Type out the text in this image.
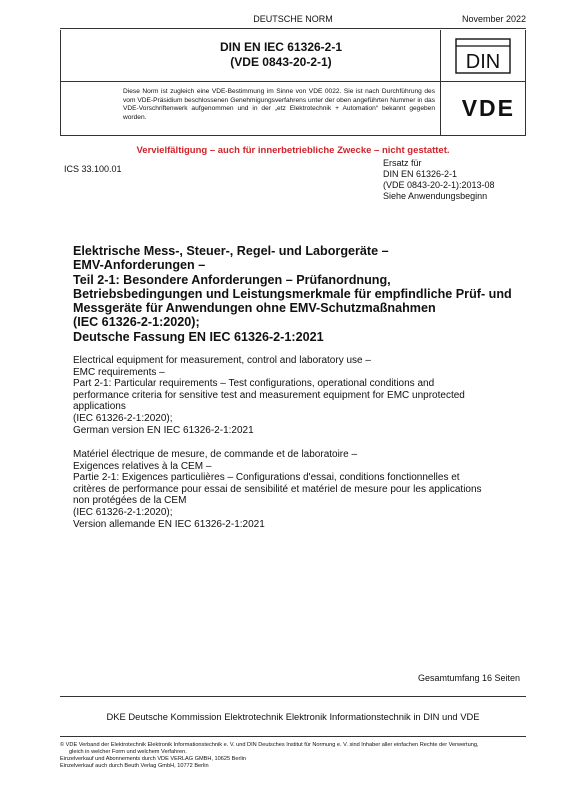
DEUTSCHE NORM	November 2022
DIN EN IEC 61326-2-1
(VDE 0843-20-2-1)	DIN
Diese Norm ist zugleich eine VDE-Bestimmung im Sinne von VDE 0022. Sie ist nach Durchführung des vom VDE-Präsidium beschlossenen Genehmigungsverfahrens unter der oben angeführten Nummer in das VDE-Vorschriftenwerk aufgenommen und in der „etz Elektrotechnik + Automation“ bekannt gegeben worden.	VDE
Vervielfältigung – auch für innerbetriebliche Zwecke – nicht gestattet.
ICS 33.100.01
Ersatz für
DIN EN 61326-2-1
(VDE 0843-20-2-1):2013-08
Siehe Anwendungsbeginn
Elektrische Mess-, Steuer-, Regel- und Laborgeräte –
EMV-Anforderungen –
Teil 2-1: Besondere Anforderungen – Prüfanordnung,
Betriebsbedingungen und Leistungsmerkmale für empfindliche Prüf- und
Messgeräte für Anwendungen ohne EMV-Schutzmaßnahmen
(IEC 61326-2-1:2020);
Deutsche Fassung EN IEC 61326-2-1:2021
Electrical equipment for measurement, control and laboratory use –
EMC requirements –
Part 2-1: Particular requirements – Test configurations, operational conditions and
performance criteria for sensitive test and measurement equipment for EMC unprotected
applications
(IEC 61326-2-1:2020);
German version EN IEC 61326-2-1:2021
Matériel électrique de mesure, de commande et de laboratoire –
Exigences relatives à la CEM –
Partie 2-1: Exigences particulières – Configurations d'essai, conditions fonctionnelles et
critères de performance pour essai de sensibilité et matériel de mesure pour les applications
non protégées de la CEM
(IEC 61326-2-1:2020);
Version allemande EN IEC 61326-2-1:2021
Gesamtumfang 16 Seiten
DKE Deutsche Kommission Elektrotechnik Elektronik Informationstechnik in DIN und VDE
© VDE Verband der Elektrotechnik Elektronik Informationstechnik e. V. und DIN Deutsches Institut für Normung e. V. sind Inhaber aller einfachen Rechte der Verwertung,
gleich in welcher Form und welchem Verfahren.
Einzelverkauf und Abonnements durch VDE VERLAG GMBH, 10625 Berlin
Einzelverkauf auch durch Beuth Verlag GmbH, 10772 Berlin
